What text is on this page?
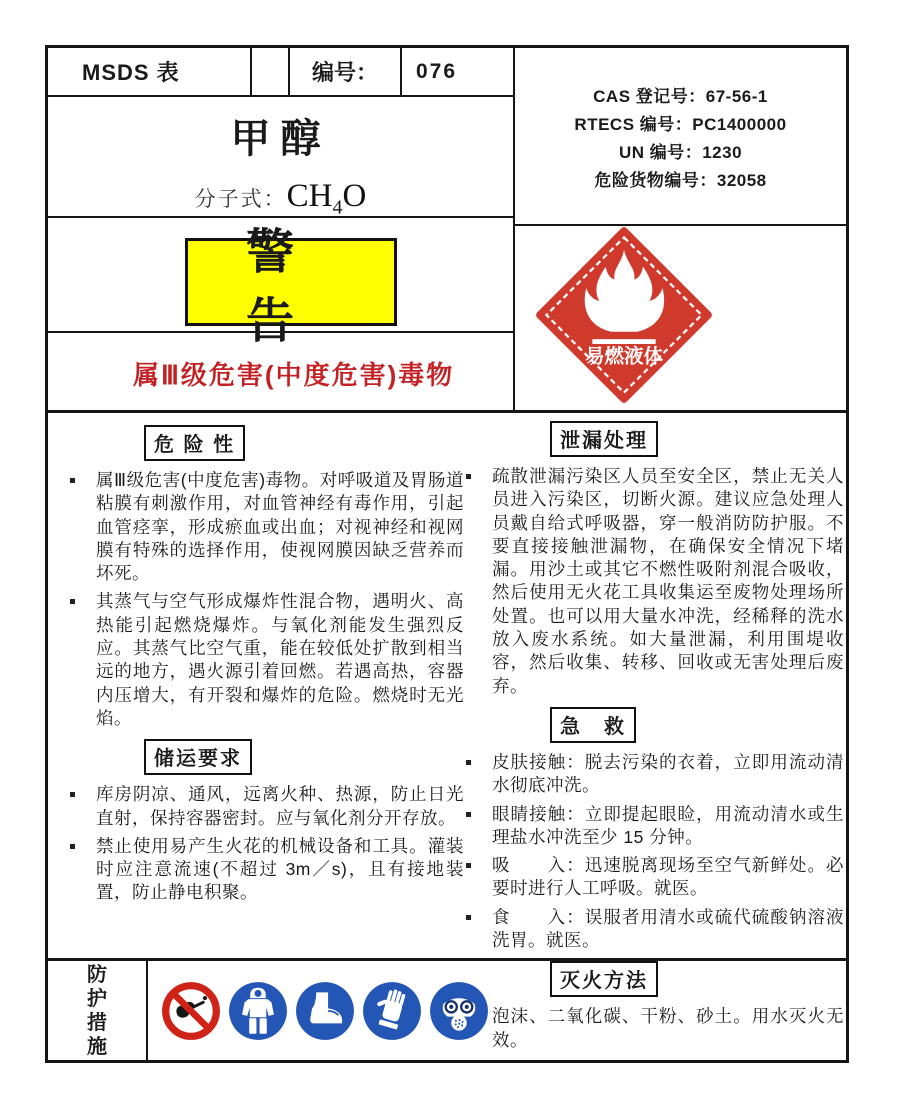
MSDS 表	编号： 076
甲醇
分子式：$CH_4O$
警告
属Ⅲ级危害(中度危害)毒物
CAS 登记号：67-56-1
RTECS 编号：PC1400000
UN 编号：1230
危险货物编号：32058
易燃液体
危 险 性

属Ⅲ级危害(中度危害)毒物。对呼吸道及胃肠道粘膜有刺激作用，对血管神经有毒作用，引起血管痉挛，形成瘀血或出血；对视神经和视网膜有特殊的选择作用，使视网膜因缺乏营养而坏死。

其蒸气与空气形成爆炸性混合物，遇明火、高热能引起燃烧爆炸。与氧化剂能发生强烈反应。其蒸气比空气重，能在较低处扩散到相当远的地方，遇火源引着回燃。若遇高热，容器内压增大，有开裂和爆炸的危险。燃烧时无光焰。

储运要求

库房阴凉、通风，远离火种、热源，防止日光直射，保持容器密封。应与氧化剂分开存放。

禁止使用易产生火花的机械设备和工具。灌装时应注意流速(不超过 3m／s)，且有接地装置，防止静电积聚。

泄漏处理

疏散泄漏污染区人员至安全区，禁止无关人员进入污染区，切断火源。建议应急处理人员戴自给式呼吸器，穿一般消防防护服。不要直接接触泄漏物，在确保安全情况下堵漏。用沙土或其它不燃性吸附剂混合吸收，然后使用无火花工具收集运至废物处理场所处置。也可以用大量水冲洗，经稀释的洗水放入废水系统。如大量泄漏，利用围堤收容，然后收集、转移、回收或无害处理后废弃。

急　救

皮肤接触：脱去污染的衣着，立即用流动清水彻底冲洗。

眼睛接触：立即提起眼睑，用流动清水或生理盐水冲洗至少 15 分钟。

吸　　入：迅速脱离现场至空气新鲜处。必要时进行人工呼吸。就医。

食　　入：误服者用清水或硫代硫酸钠溶液洗胃。就医。

灭火方法

泡沫、二氧化碳、干粉、砂土。用水灭火无效。

防
护
措
施
